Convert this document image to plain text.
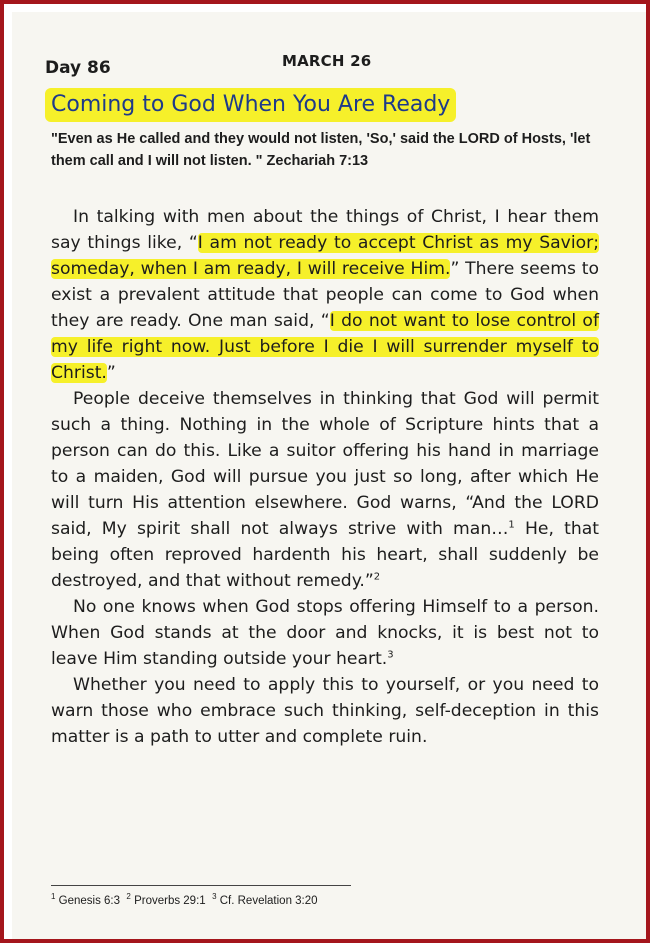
Day 86	MARCH 26
Coming to God When You Are Ready
"Even as He called and they would not listen, 'So,' said the LORD of Hosts, 'let them call and I will not listen. " Zechariah 7:13

In talking with men about the things of Christ, I hear them say things like, “I am not ready to accept Christ as my Savior; someday, when I am ready, I will receive Him.” There seems to exist a prevalent attitude that people can come to God when they are ready. One man said, “I do not want to lose control of my life right now. Just before I die I will surrender myself to Christ.”

People deceive themselves in thinking that God will permit such a thing. Nothing in the whole of Scripture hints that a person can do this. Like a suitor offering his hand in marriage to a maiden, God will pursue you just so long, after which He will turn His attention elsewhere. God warns, “And the LORD said, My spirit shall not always strive with man…$^1$ He, that being often reproved hardenth his heart, shall suddenly be destroyed, and that without remedy.”$^2$

No one knows when God stops offering Himself to a person. When God stands at the door and knocks, it is best not to leave Him standing outside your heart.$^3$

Whether you need to apply this to yourself, or you need to warn those who embrace such thinking, self-deception in this matter is a path to utter and complete ruin.

$^1$ Genesis 6:3 $^2$ Proverbs 29:1 $^3$ Cf. Revelation 3:20
